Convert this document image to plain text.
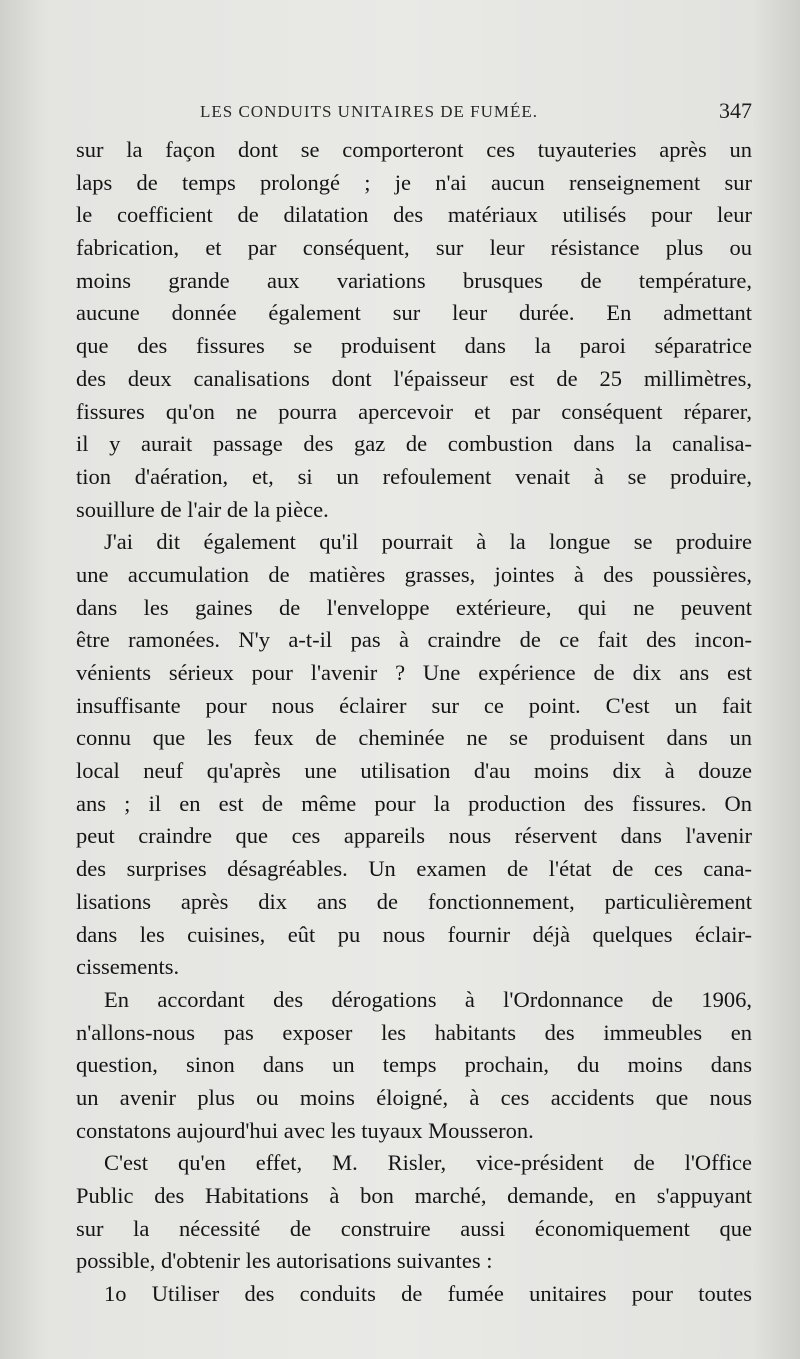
LES CONDUITS UNITAIRES DE FUMÉE.	347
sur la façon dont se comporteront ces tuyauteries après un
laps de temps prolongé ; je n'ai aucun renseignement sur
le coefficient de dilatation des matériaux utilisés pour leur
fabrication, et par conséquent, sur leur résistance plus ou
moins grande aux variations brusques de température,
aucune donnée également sur leur durée. En admettant
que des fissures se produisent dans la paroi séparatrice
des deux canalisations dont l'épaisseur est de 25 millimètres,
fissures qu'on ne pourra apercevoir et par conséquent réparer,
il y aurait passage des gaz de combustion dans la canalisa-
tion d'aération, et, si un refoulement venait à se produire,
souillure de l'air de la pièce.
J'ai dit également qu'il pourrait à la longue se produire
une accumulation de matières grasses, jointes à des poussières,
dans les gaines de l'enveloppe extérieure, qui ne peuvent
être ramonées. N'y a-t-il pas à craindre de ce fait des incon-
vénients sérieux pour l'avenir ? Une expérience de dix ans est
insuffisante pour nous éclairer sur ce point. C'est un fait
connu que les feux de cheminée ne se produisent dans un
local neuf qu'après une utilisation d'au moins dix à douze
ans ; il en est de même pour la production des fissures. On
peut craindre que ces appareils nous réservent dans l'avenir
des surprises désagréables. Un examen de l'état de ces cana-
lisations après dix ans de fonctionnement, particulièrement
dans les cuisines, eût pu nous fournir déjà quelques éclair-
cissements.
En accordant des dérogations à l'Ordonnance de 1906,
n'allons-nous pas exposer les habitants des immeubles en
question, sinon dans un temps prochain, du moins dans
un avenir plus ou moins éloigné, à ces accidents que nous
constatons aujourd'hui avec les tuyaux Mousseron.
C'est qu'en effet, M. Risler, vice-président de l'Office
Public des Habitations à bon marché, demande, en s'appuyant
sur la nécessité de construire aussi économiquement que
possible, d'obtenir les autorisations suivantes :
1o Utiliser des conduits de fumée unitaires pour toutes
